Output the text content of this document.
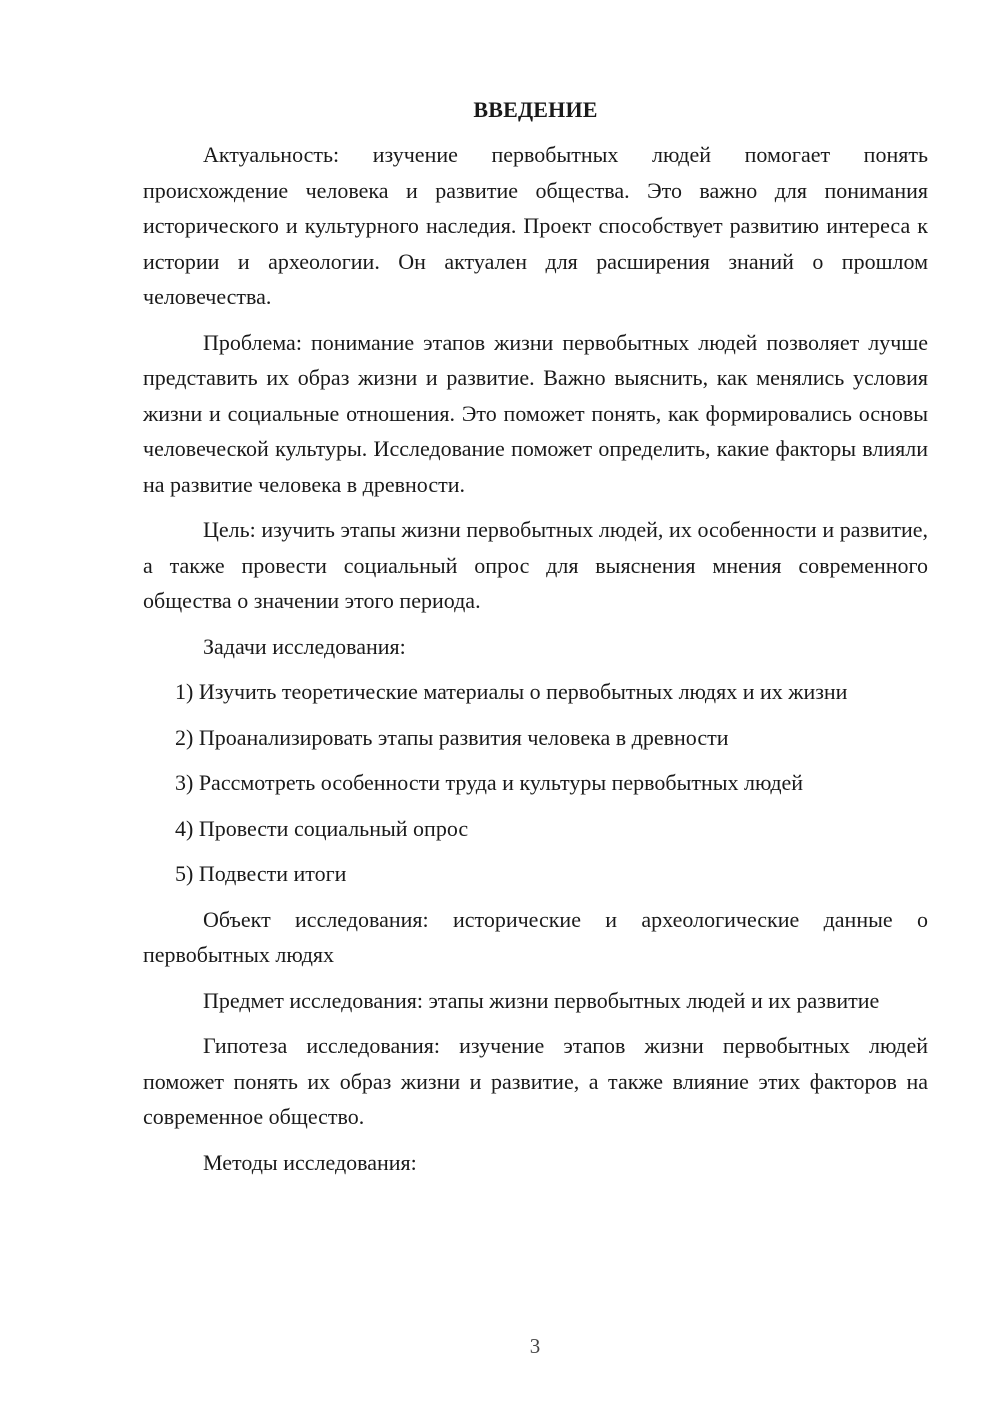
ВВЕДЕНИЕ

Актуальность: изучение первобытных людей помогает понять происхождение человека и развитие общества. Это важно для понимания исторического и культурного наследия. Проект способствует развитию интереса к истории и археологии. Он актуален для расширения знаний о прошлом человечества.

Проблема: понимание этапов жизни первобытных людей позволяет лучше представить их образ жизни и развитие. Важно выяснить, как менялись условия жизни и социальные отношения. Это поможет понять, как формировались основы человеческой культуры. Исследование поможет определить, какие факторы влияли на развитие человека в древности.

Цель: изучить этапы жизни первобытных людей, их особенности и развитие, а также провести социальный опрос для выяснения мнения современного общества о значении этого периода.

Задачи исследования:

1) Изучить теоретические материалы о первобытных людях и их жизни

2) Проанализировать этапы развития человека в древности

3) Рассмотреть особенности труда и культуры первобытных людей

4) Провести социальный опрос

5) Подвести итоги

Объект исследования: исторические и археологические данные о первобытных людях

Предмет исследования: этапы жизни первобытных людей и их развитие

Гипотеза исследования: изучение этапов жизни первобытных людей поможет понять их образ жизни и развитие, а также влияние этих факторов на современное общество.

Методы исследования:

3
